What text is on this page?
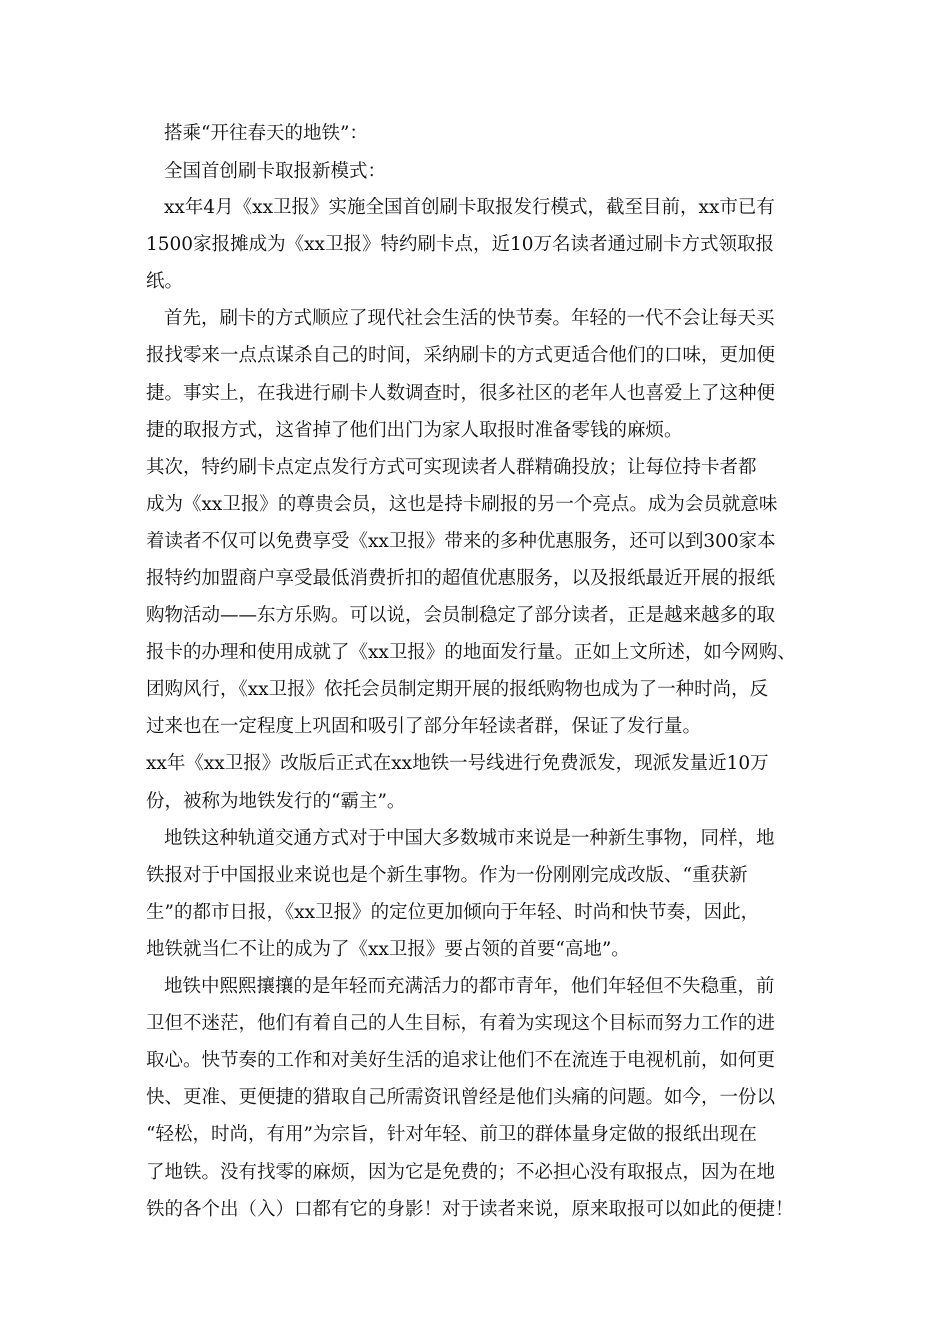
搭乘“开往春天的地铁”：
全国首创刷卡取报新模式：
xx年4月《xx卫报》实施全国首创刷卡取报发行模式，截至目前，xx市已有
1500家报摊成为《xx卫报》特约刷卡点，近10万名读者通过刷卡方式领取报
纸。
首先，刷卡的方式顺应了现代社会生活的快节奏。年轻的一代不会让每天买
报找零来一点点谋杀自己的时间，采纳刷卡的方式更适合他们的口味，更加便
捷。事实上，在我进行刷卡人数调查时，很多社区的老年人也喜爱上了这种便
捷的取报方式，这省掉了他们出门为家人取报时准备零钱的麻烦。
其次，特约刷卡点定点发行方式可实现读者人群精确投放；让每位持卡者都
成为《xx卫报》的尊贵会员，这也是持卡刷报的另一个亮点。成为会员就意味
着读者不仅可以免费享受《xx卫报》带来的多种优惠服务，还可以到300家本
报特约加盟商户享受最低消费折扣的超值优惠服务，以及报纸最近开展的报纸
购物活动——东方乐购。可以说，会员制稳定了部分读者，正是越来越多的取
报卡的办理和使用成就了《xx卫报》的地面发行量。正如上文所述，如今网购、
团购风行，《xx卫报》依托会员制定期开展的报纸购物也成为了一种时尚，反
过来也在一定程度上巩固和吸引了部分年轻读者群，保证了发行量。
xx年《xx卫报》改版后正式在xx地铁一号线进行免费派发，现派发量近10万
份，被称为地铁发行的“霸主”。
地铁这种轨道交通方式对于中国大多数城市来说是一种新生事物，同样，地
铁报对于中国报业来说也是个新生事物。作为一份刚刚完成改版、“重获新
生”的都市日报，《xx卫报》的定位更加倾向于年轻、时尚和快节奏，因此，
地铁就当仁不让的成为了《xx卫报》要占领的首要“高地”。
地铁中熙熙攘攘的是年轻而充满活力的都市青年，他们年轻但不失稳重，前
卫但不迷茫，他们有着自己的人生目标，有着为实现这个目标而努力工作的进
取心。快节奏的工作和对美好生活的追求让他们不在流连于电视机前，如何更
快、更准、更便捷的猎取自己所需资讯曾经是他们头痛的问题。如今，一份以
“轻松，时尚，有用”为宗旨，针对年轻、前卫的群体量身定做的报纸出现在
了地铁。没有找零的麻烦，因为它是免费的；不必担心没有取报点，因为在地
铁的各个出（入）口都有它的身影！对于读者来说，原来取报可以如此的便捷！
